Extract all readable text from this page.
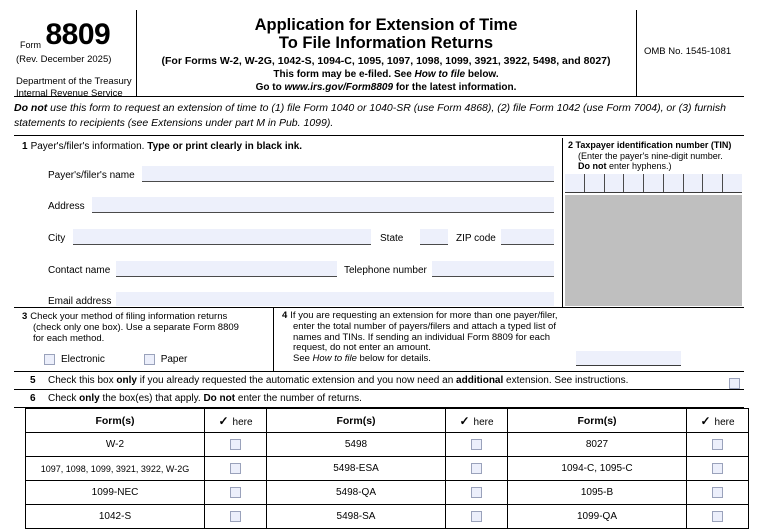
Form 8809
(Rev. December 2025)
Department of the Treasury
Internal Revenue Service
Application for Extension of Time
To File Information Returns
(For Forms W-2, W-2G, 1042-S, 1094-C, 1095, 1097, 1098, 1099, 3921, 3922, 5498, and 8027)
This form may be e-filed. See How to file below.
Go to www.irs.gov/Form8809 for the latest information.
OMB No. 1545-1081
Do not use this form to request an extension of time to (1) file Form 1040 or 1040-SR (use Form 4868), (2) file Form 1042 (use Form 7004), or (3) furnish statements to recipients (see Extensions under part M in Pub. 1099).
1 Payer's/filer's information. Type or print clearly in black ink.
Payer's/filer's name
Address
City	State	ZIP code
Contact name	Telephone number
Email address
2 Taxpayer identification number (TIN)
(Enter the payer's nine-digit number.
Do not enter hyphens.)
3 Check your method of filing information returns
(check only one box). Use a separate Form 8809
for each method.
Electronic	Paper
4 If you are requesting an extension for more than one payer/filer,
enter the total number of payers/filers and attach a typed list of
names and TINs. If sending an individual Form 8809 for each
request, do not enter an amount.
See How to file below for details.
5 Check this box only if you already requested the automatic extension and you now need an additional extension. See instructions.
6 Check only the box(es) that apply. Do not enter the number of returns.
Form(s)	✓ here	Form(s)	✓ here	Form(s)	✓ here
W-2		5498		8027	
1097, 1098, 1099, 3921, 3922, W-2G		5498-ESA		1094-C, 1095-C	
1099-NEC		5498-QA		1095-B	
1042-S		5498-SA		1099-QA	
